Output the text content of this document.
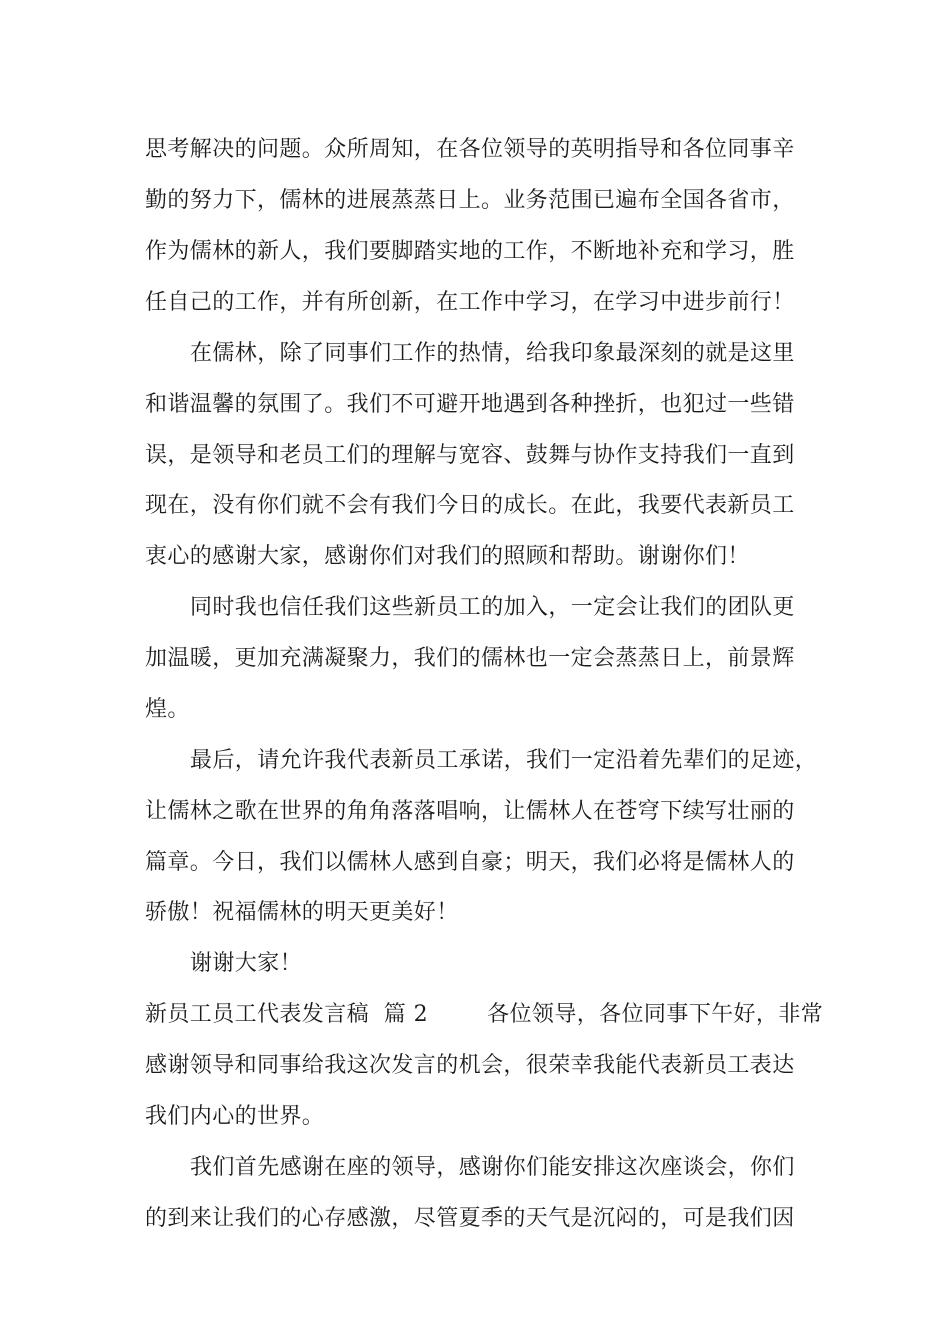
思考解决的问题。众所周知，在各位领导的英明指导和各位同事辛
勤的努力下，儒林的进展蒸蒸日上。业务范围已遍布全国各省市，
作为儒林的新人，我们要脚踏实地的工作，不断地补充和学习，胜
任自己的工作，并有所创新，在工作中学习，在学习中进步前行！
在儒林，除了同事们工作的热情，给我印象最深刻的就是这里
和谐温馨的氛围了。我们不可避开地遇到各种挫折，也犯过一些错
误，是领导和老员工们的理解与宽容、鼓舞与协作支持我们一直到
现在，没有你们就不会有我们今日的成长。在此，我要代表新员工
衷心的感谢大家，感谢你们对我们的照顾和帮助。谢谢你们！
同时我也信任我们这些新员工的加入，一定会让我们的团队更
加温暖，更加充满凝聚力，我们的儒林也一定会蒸蒸日上，前景辉
煌。
最后，请允许我代表新员工承诺，我们一定沿着先辈们的足迹，
让儒林之歌在世界的角角落落唱响，让儒林人在苍穹下续写壮丽的
篇章。今日，我们以儒林人感到自豪；明天，我们必将是儒林人的
骄傲！祝福儒林的明天更美好！
谢谢大家！
新员工员工代表发言稿  篇 2        各位领导，各位同事下午好，非常
感谢领导和同事给我这次发言的机会，很荣幸我能代表新员工表达
我们内心的世界。
我们首先感谢在座的领导，感谢你们能安排这次座谈会，你们
的到来让我们的心存感激，尽管夏季的天气是沉闷的，可是我们因
